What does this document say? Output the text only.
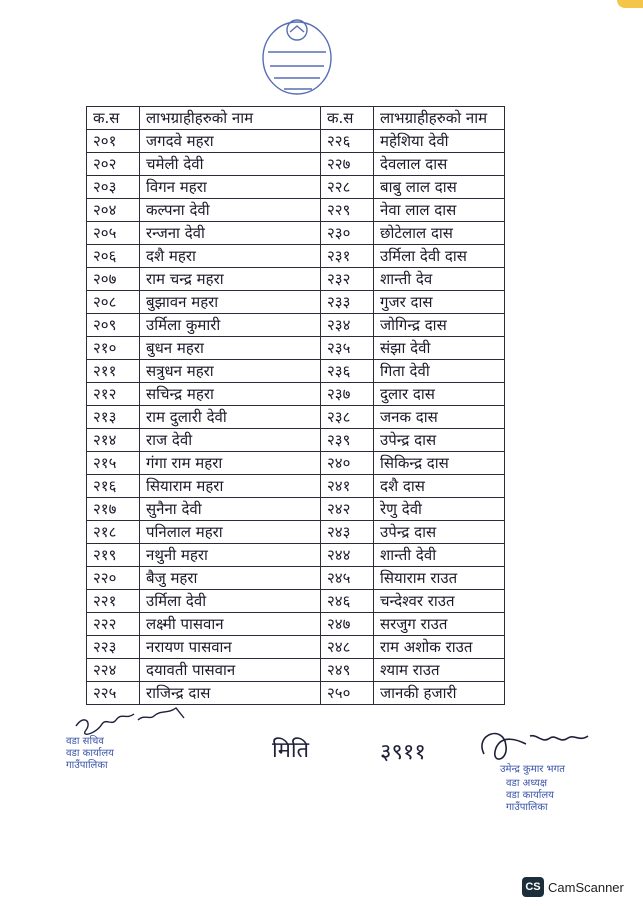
क.स	लाभग्राहीहरुको नाम	क.स	लाभग्राहीहरुको नाम
२०१	जगदवे महरा	२२६	महेशिया देवी
२०२	चमेली देवी	२२७	देवलाल दास
२०३	विगन महरा	२२८	बाबु लाल दास
२०४	कल्पना देवी	२२९	नेवा लाल दास
२०५	रन्जना देवी	२३०	छोटेलाल दास
२०६	दशै महरा	२३१	उर्मिला देवी दास
२०७	राम चन्द्र महरा	२३२	शान्ती देव
२०८	बुझावन महरा	२३३	गुजर दास
२०९	उर्मिला कुमारी	२३४	जोगिन्द्र दास
२१०	बुधन महरा	२३५	संझा देवी
२११	सत्रुधन महरा	२३६	गिता देवी
२१२	सचिन्द्र महरा	२३७	दुलार दास
२१३	राम दुलारी देवी	२३८	जनक दास
२१४	राज देवी	२३९	उपेन्द्र दास
२१५	गंगा राम महरा	२४०	सिकिन्द्र दास
२१६	सियाराम महरा	२४१	दशै दास
२१७	सुनैना देवी	२४२	रेणु देवी
२१८	पनिलाल महरा	२४३	उपेन्द्र दास
२१९	नथुनी महरा	२४४	शान्ती देवी
२२०	बैजु महरा	२४५	सियाराम राउत
२२१	उर्मिला देवी	२४६	चन्देश्वर राउत
२२२	लक्ष्मी पासवान	२४७	सरजुग राउत
२२३	नरायण पासवान	२४८	राम अशोक राउत
२२४	दयावती पासवान	२४९	श्याम राउत
२२५	राजिन्द्र दास	२५०	जानकी हजारी
वडा सचिव
वडा कार्यालय
गाउँपालिका
मिति	३९११
उमेन्द्र कुमार भगत
वडा अध्यक्ष
वडा कार्यालय
गाउँपालिका
CS CamScanner
